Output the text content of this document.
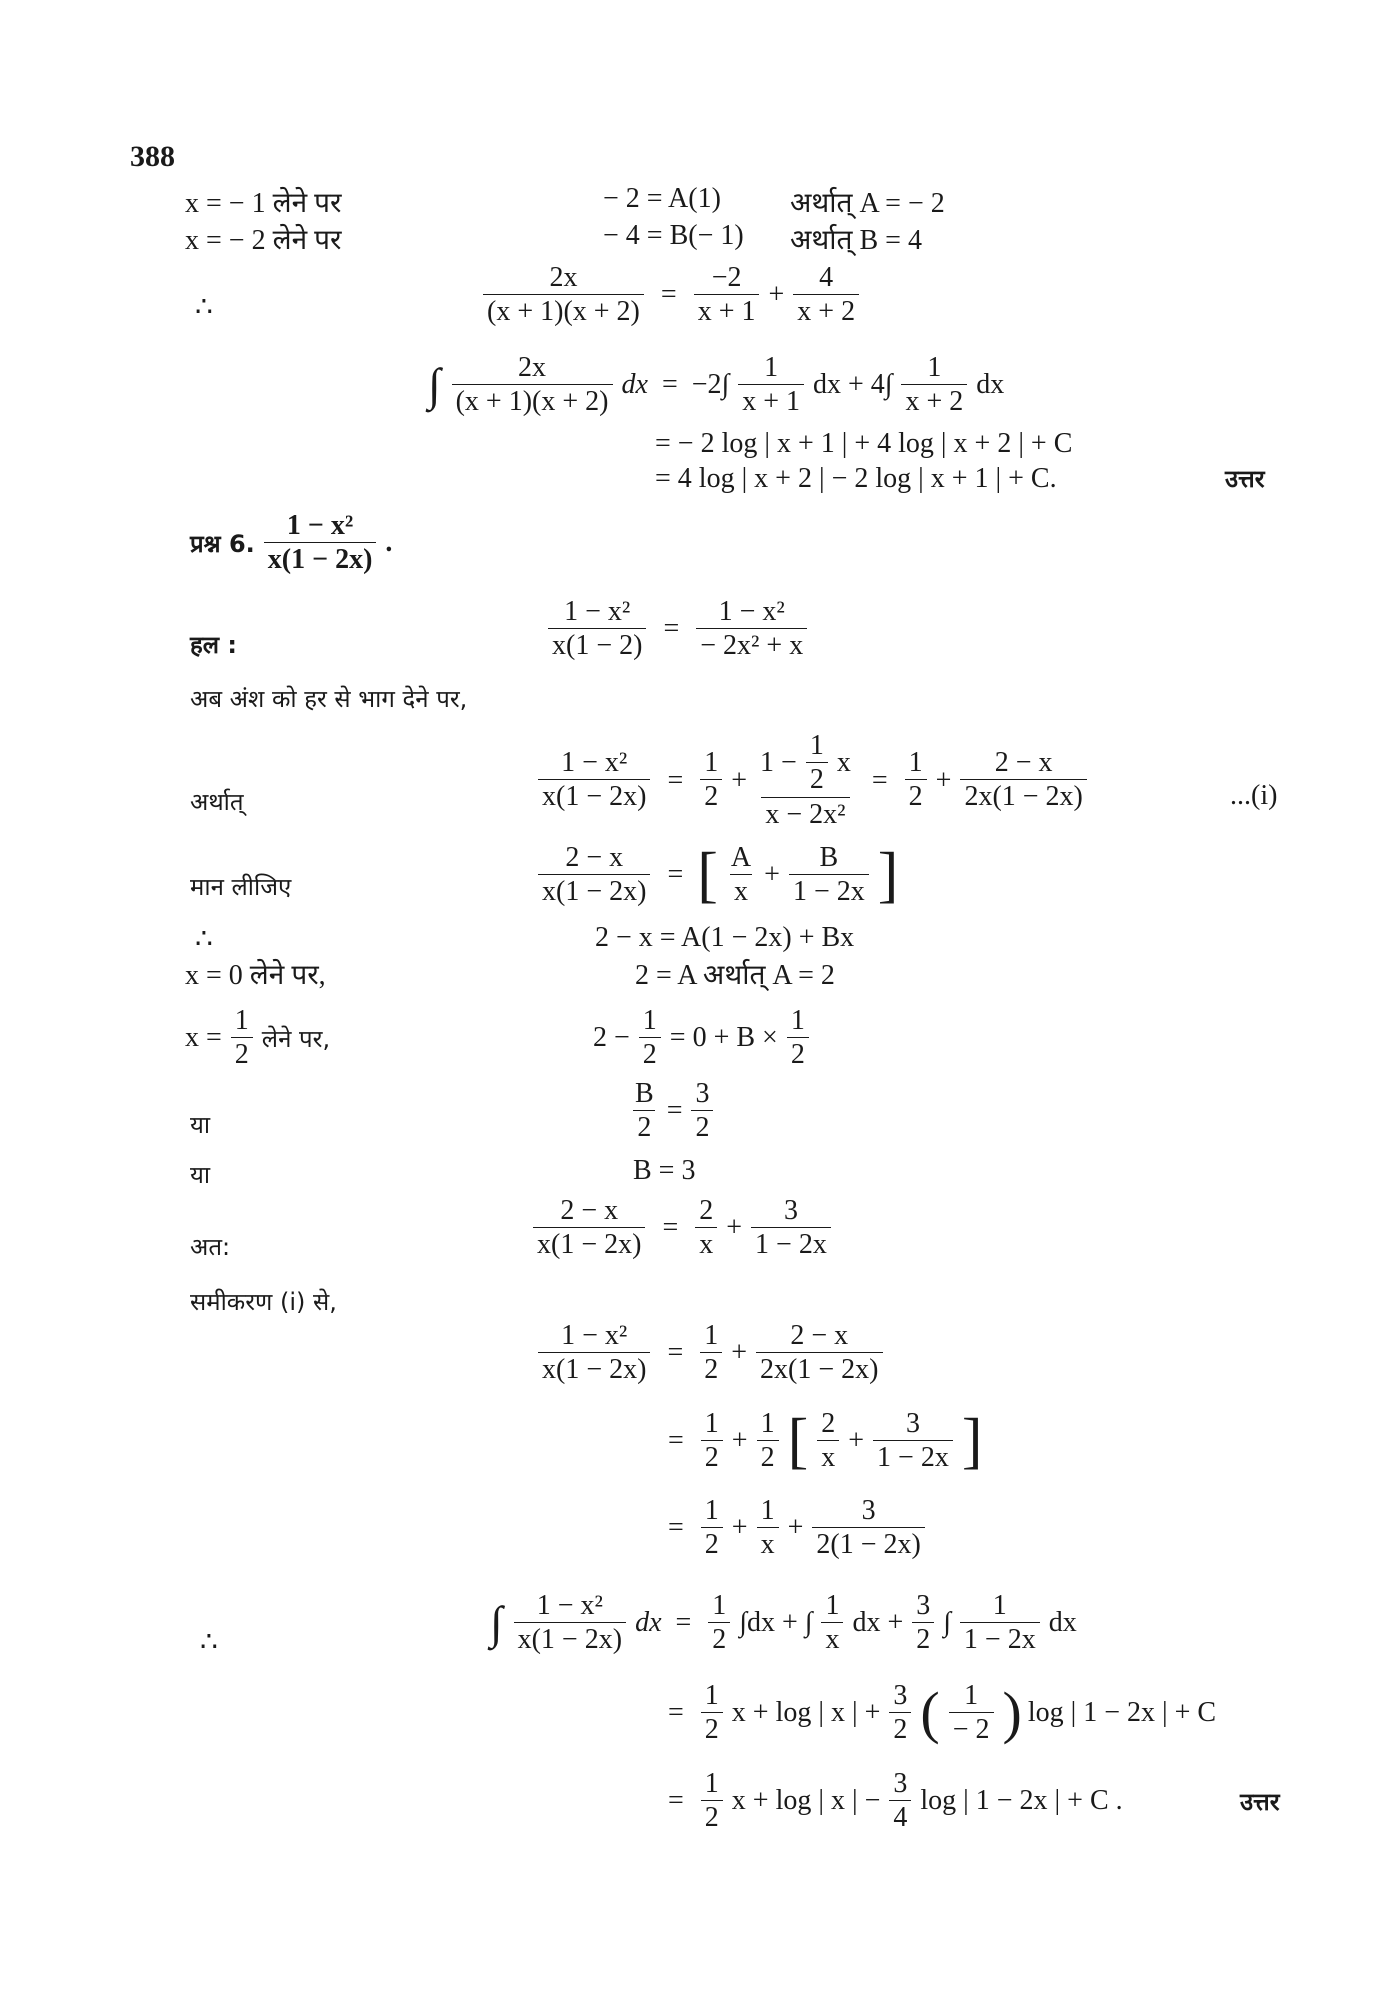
388
x = − 1 लेने पर	− 2 = A(1) अर्थात् A = − 2
x = − 2 लेने पर	− 4 = B(− 1) अर्थात् B = 4
∴	$\frac{2x}{(x + 1)(x + 2)} = \frac{-2}{x + 1} + \frac{4}{x + 2}$
∫ $\frac{2x}{(x + 1)(x + 2)}$ dx = $-2\int \frac{1}{x + 1}$ dx + $4\int \frac{1}{x + 2}$ dx
= − 2 log | x + 1 | + 4 log | x + 2 | + C
= 4 log | x + 2 | − 2 log | x + 1 | + C.	उत्तर
प्रश्न 6. $\frac{\text{1 − x²}}{x(1 - 2x)}$ .
हल :	$\frac{\text{1 − x²}}{x(1 - 2)} = \frac{\text{1 − x²}}{\text{− 2x² + x}}$
अब अंश को हर से भाग देने पर,
अर्थात्	$\frac{\text{1 − x²}}{x(1 - 2x)} = \frac{1}{2} + \frac{1 - \frac{1}{2} x}{\text{x − 2x²}} = \frac{1}{2} + \frac{2 - x}{2x(1 - 2x)}$	...(i)
मान लीजिए	$\frac{2 - x}{x(1 - 2x)}$ = [ $\frac{A}{x} + \frac{B}{1 - 2x}$ ]
∴	2 − x = A(1 − 2x) + Bx
x = 0 लेने पर,	2 = A अर्थात् A = 2
$x = \frac{1}{2}$ लेने पर,	$2 - \frac{1}{2} = 0 + B \times \frac{1}{2}$
या	$\frac{B}{2} = \frac{3}{2}$
या	B = 3
अत:	$\frac{2 - x}{x(1 - 2x)} = \frac{2}{x} + \frac{3}{1 - 2x}$
समीकरण (i) से,
$\frac{\text{1 − x²}}{x(1 - 2x)} = \frac{1}{2} + \frac{2 - x}{2x(1 - 2x)}$
= $\frac{1}{2} + \frac{1}{2}$ [ $\frac{2}{x} + \frac{3}{1 - 2x}$ ]
= $\frac{1}{2} + \frac{1}{x} + \frac{3}{2(1 - 2x)}$
∴	∫ $\frac{\text{1 − x²}}{x(1 - 2x)}$ dx = $\frac{1}{2} \int dx$ + ∫ $\frac{1}{x}$ dx + $\frac{3}{2}$ ∫ $\frac{1}{1 - 2x}$ dx
= $\frac{1}{2}$ x + log | x | + $\frac{3}{2}$ ( $\frac{1}{- 2}$ ) log | 1 − 2x | + C
= $\frac{1}{2}$ x + log | x | − $\frac{3}{4}$ log | 1 − 2x | + C .	उत्तर
